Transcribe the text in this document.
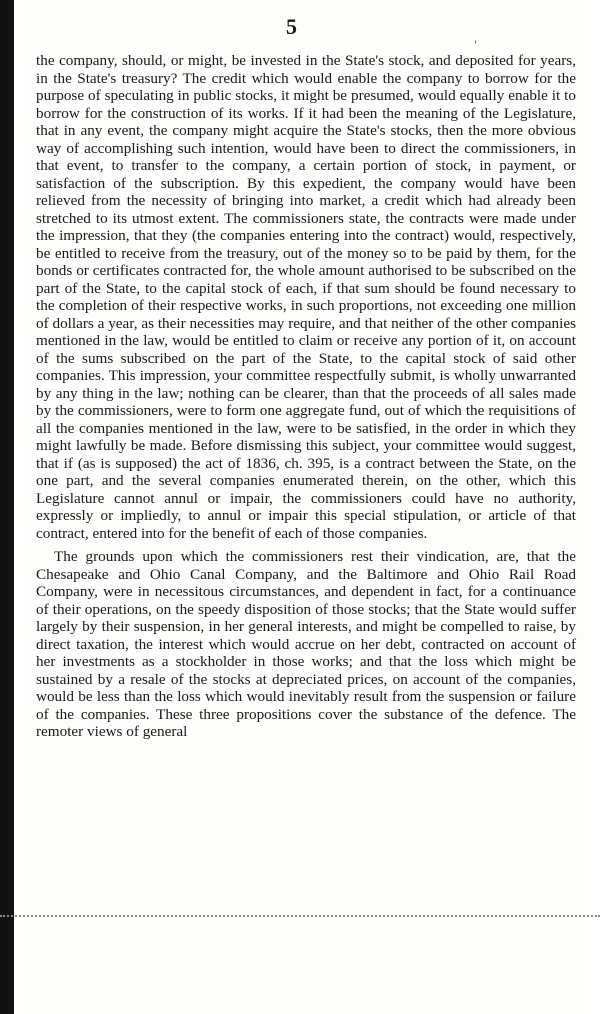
5
'

the company, should, or might, be invested in the State's stock, and deposited for years, in the State's treasury? The credit which would enable the company to borrow for the purpose of speculating in public stocks, it might be presumed, would equally enable it to borrow for the construction of its works. If it had been the meaning of the Legislature, that in any event, the company might acquire the State's stocks, then the more obvious way of accomplishing such intention, would have been to direct the commissioners, in that event, to transfer to the company, a certain portion of stock, in payment, or satisfaction of the subscription. By this expedient, the company would have been relieved from the necessity of bringing into market, a credit which had already been stretched to its utmost extent. The commissioners state, the contracts were made under the impression, that they (the companies entering into the contract) would, respectively, be entitled to receive from the treasury, out of the money so to be paid by them, for the bonds or certificates contracted for, the whole amount authorised to be subscribed on the part of the State, to the capital stock of each, if that sum should be found necessary to the completion of their respective works, in such proportions, not exceeding one million of dollars a year, as their necessities may require, and that neither of the other companies mentioned in the law, would be entitled to claim or receive any portion of it, on account of the sums subscribed on the part of the State, to the capital stock of said other companies. This impression, your committee respectfully submit, is wholly unwarranted by any thing in the law; nothing can be clearer, than that the proceeds of all sales made by the commissioners, were to form one aggregate fund, out of which the requisitions of all the companies mentioned in the law, were to be satisfied, in the order in which they might lawfully be made. Before dismissing this subject, your committee would suggest, that if (as is supposed) the act of 1836, ch. 395, is a contract between the State, on the one part, and the several companies enumerated therein, on the other, which this Legislature cannot annul or impair, the commissioners could have no authority, expressly or impliedly, to annul or impair this special stipulation, or article of that contract, entered into for the benefit of each of those companies.

The grounds upon which the commissioners rest their vindication, are, that the Chesapeake and Ohio Canal Company, and the Baltimore and Ohio Rail Road Company, were in necessitous circumstances, and dependent in fact, for a continuance of their operations, on the speedy disposition of those stocks; that the State would suffer largely by their suspension, in her general interests, and might be compelled to raise, by direct taxation, the interest which would accrue on her debt, contracted on account of her investments as a stockholder in those works; and that the loss which might be sustained by a resale of the stocks at depreciated prices, on account of the companies, would be less than the loss which would inevitably result from the suspension or failure of the companies. These three propositions cover the substance of the defence. The remoter views of general
